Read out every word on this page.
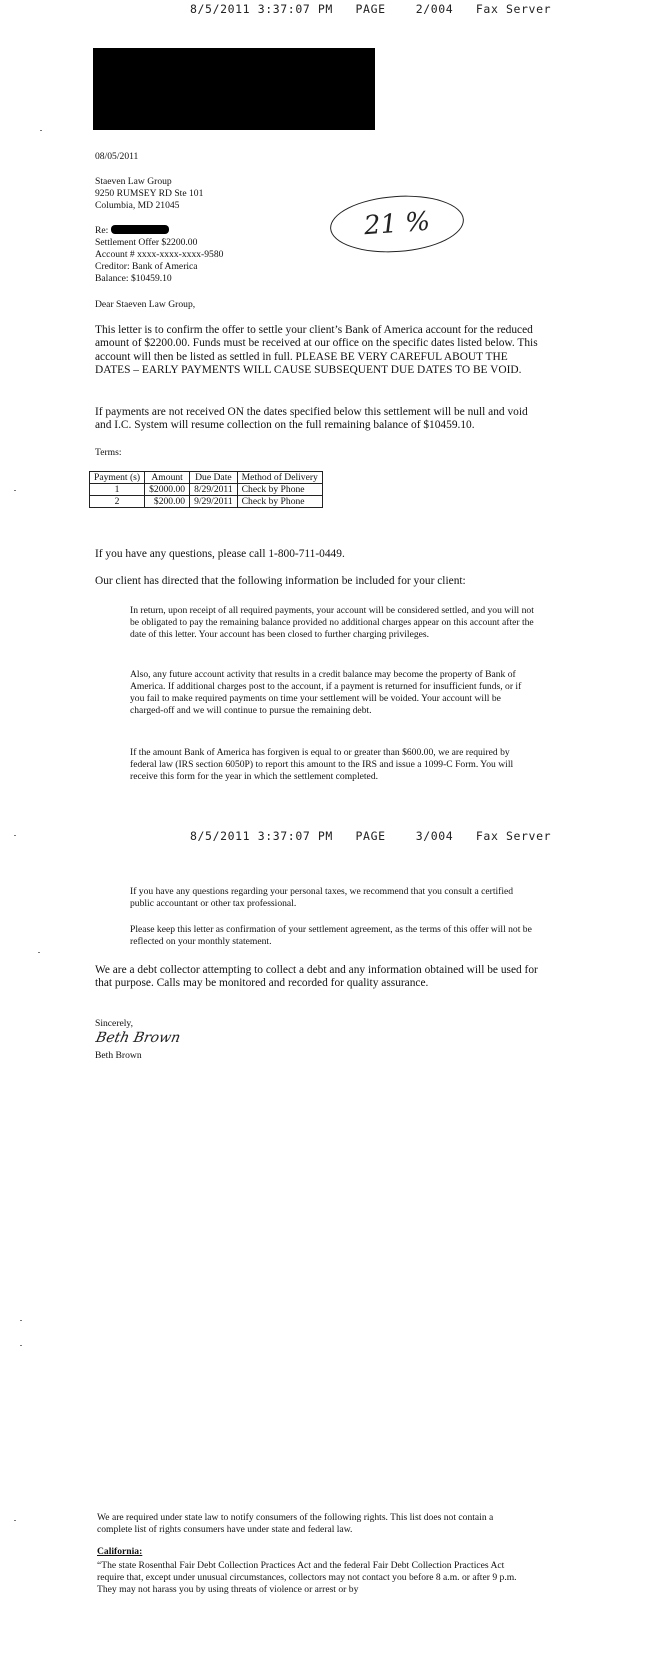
8/5/2011 3:37:07 PM   PAGE    2/004   Fax Server
08/05/2011
Staeven Law Group
9250 RUMSEY RD Ste 101
Columbia, MD 21045
Re:
Settlement Offer $2200.00
Account # xxxx-xxxx-xxxx-9580
Creditor: Bank of America
Balance: $10459.10
21 %
Dear Staeven Law Group,
This letter is to confirm the offer to settle your client’s Bank of America account for the reduced amount of $2200.00. Funds must be received at our office on the specific dates listed below. This account will then be listed as settled in full. PLEASE BE VERY CAREFUL ABOUT THE DATES – EARLY PAYMENTS WILL CAUSE SUBSEQUENT DUE DATES TO BE VOID.
If payments are not received ON the dates specified below this settlement will be null and void and I.C. System will resume collection on the full remaining balance of $10459.10.
Terms:
Payment (s)	Amount	Due Date	Method of Delivery
1	$2000.00	8/29/2011	Check by Phone
2	$200.00	9/29/2011	Check by Phone
If you have any questions, please call 1-800-711-0449.
Our client has directed that the following information be included for your client:
In return, upon receipt of all required payments, your account will be considered settled, and you will not be obligated to pay the remaining balance provided no additional charges appear on this account after the date of this letter. Your account has been closed to further charging privileges.
Also, any future account activity that results in a credit balance may become the property of Bank of America. If additional charges post to the account, if a payment is returned for insufficient funds, or if you fail to make required payments on time your settlement will be voided. Your account will be charged-off and we will continue to pursue the remaining debt.
If the amount Bank of America has forgiven is equal to or greater than $600.00, we are required by federal law (IRS section 6050P) to report this amount to the IRS and issue a 1099-C Form. You will receive this form for the year in which the settlement completed.
8/5/2011 3:37:07 PM   PAGE    3/004   Fax Server
If you have any questions regarding your personal taxes, we recommend that you consult a certified public accountant or other tax professional.
Please keep this letter as confirmation of your settlement agreement, as the terms of this offer will not be reflected on your monthly statement.
We are a debt collector attempting to collect a debt and any information obtained will be used for that purpose. Calls may be monitored and recorded for quality assurance.
Sincerely,
Beth Brown
Beth Brown
We are required under state law to notify consumers of the following rights. This list does not contain a complete list of rights consumers have under state and federal law.
California:
“The state Rosenthal Fair Debt Collection Practices Act and the federal Fair Debt Collection Practices Act require that, except under unusual circumstances, collectors may not contact you before 8 a.m. or after 9 p.m. They may not harass you by using threats of violence or arrest or by
